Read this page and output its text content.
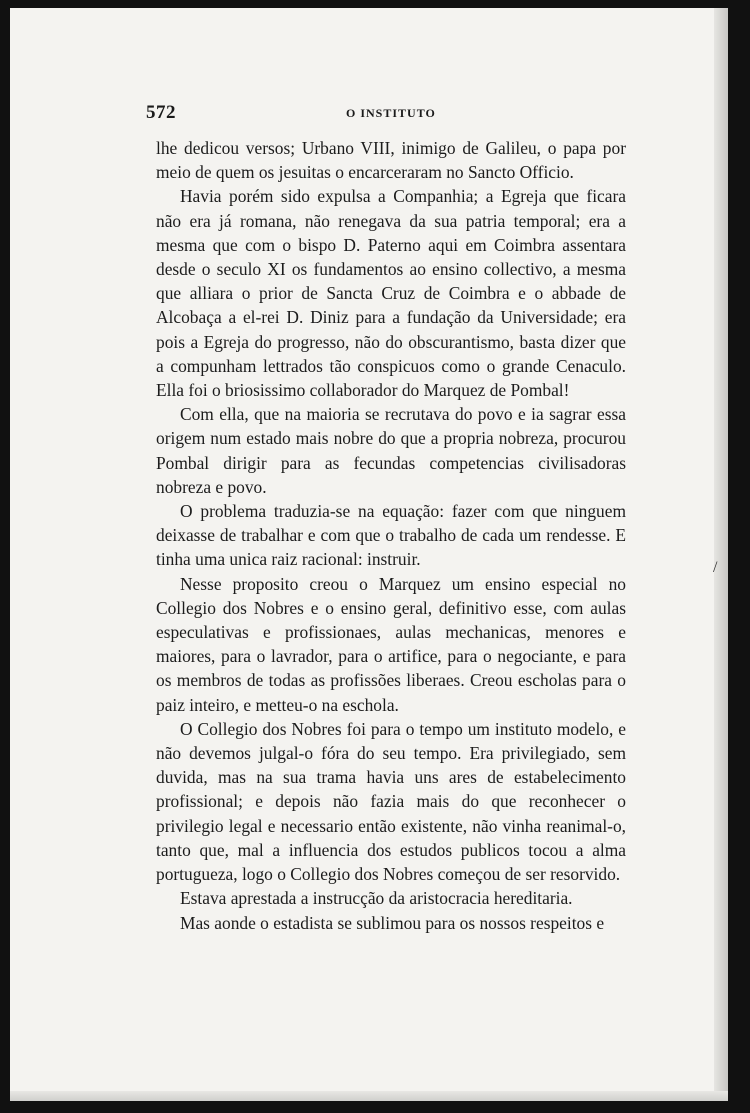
572	O INSTITUTO

lhe dedicou versos; Urbano VIII, inimigo de Galileu, o papa por meio de quem os jesuitas o encarceraram no Sancto Officio.

Havia porém sido expulsa a Companhia; a Egreja que ficara não era já romana, não renegava da sua patria temporal; era a mesma que com o bispo D. Paterno aqui em Coimbra assentara desde o seculo XI os fundamentos ao ensino collectivo, a mesma que alliara o prior de Sancta Cruz de Coimbra e o abbade de Alcobaça a el-rei D. Diniz para a fundação da Universidade; era pois a Egreja do progresso, não do obscurantismo, basta dizer que a compunham lettrados tão conspicuos como o grande Cenaculo. Ella foi o briosissimo collaborador do Marquez de Pombal!

Com ella, que na maioria se recrutava do povo e ia sagrar essa origem num estado mais nobre do que a propria nobreza, procurou Pombal dirigir para as fecundas competencias civilisadoras nobreza e povo.

O problema traduzia-se na equação: fazer com que ninguem deixasse de trabalhar e com que o trabalho de cada um rendesse. E tinha uma unica raiz racional: instruir.

Nesse proposito creou o Marquez um ensino especial no Collegio dos Nobres e o ensino geral, definitivo esse, com aulas especulativas e profissionaes, aulas mechanicas, menores e maiores, para o lavrador, para o artifice, para o negociante, e para os membros de todas as profissões liberaes. Creou escholas para o paiz inteiro, e metteu-o na eschola.

O Collegio dos Nobres foi para o tempo um instituto modelo, e não devemos julgal-o fóra do seu tempo. Era privilegiado, sem duvida, mas na sua trama havia uns ares de estabelecimento profissional; e depois não fazia mais do que reconhecer o privilegio legal e necessario então existente, não vinha reanimal-o, tanto que, mal a influencia dos estudos publicos tocou a alma portugueza, logo o Collegio dos Nobres começou de ser resorvido.

Estava aprestada a instrucção da aristocracia hereditaria.

Mas aonde o estadista se sublimou para os nossos respeitos e

/
